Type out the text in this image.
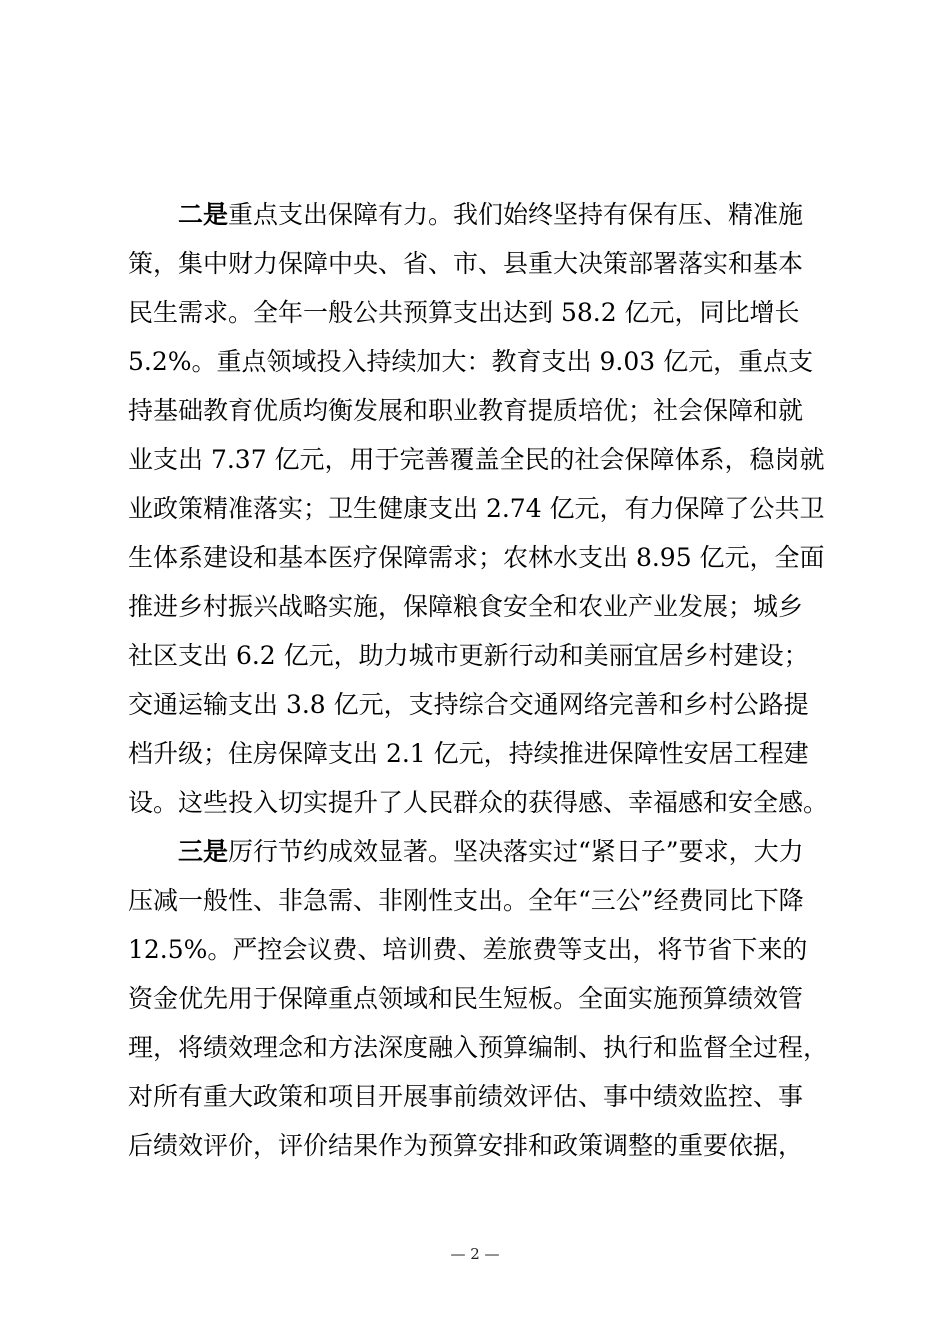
二是重点支出保障有力。我们始终坚持有保有压、精准施
策，集中财力保障中央、省、市、县重大决策部署落实和基本
民生需求。全年一般公共预算支出达到 58.2 亿元，同比增长
5.2%。重点领域投入持续加大：教育支出 9.03 亿元，重点支
持基础教育优质均衡发展和职业教育提质培优；社会保障和就
业支出 7.37 亿元，用于完善覆盖全民的社会保障体系，稳岗就
业政策精准落实；卫生健康支出 2.74 亿元，有力保障了公共卫
生体系建设和基本医疗保障需求；农林水支出 8.95 亿元，全面
推进乡村振兴战略实施，保障粮食安全和农业产业发展；城乡
社区支出 6.2 亿元，助力城市更新行动和美丽宜居乡村建设；
交通运输支出 3.8 亿元，支持综合交通网络完善和乡村公路提
档升级；住房保障支出 2.1 亿元，持续推进保障性安居工程建
设。这些投入切实提升了人民群众的获得感、幸福感和安全感。
三是厉行节约成效显著。坚决落实过“紧日子”要求，大力
压减一般性、非急需、非刚性支出。全年“三公”经费同比下降
12.5%。严控会议费、培训费、差旅费等支出，将节省下来的
资金优先用于保障重点领域和民生短板。全面实施预算绩效管
理，将绩效理念和方法深度融入预算编制、执行和监督全过程，
对所有重大政策和项目开展事前绩效评估、事中绩效监控、事
后绩效评价，评价结果作为预算安排和政策调整的重要依据，
— 2 —
